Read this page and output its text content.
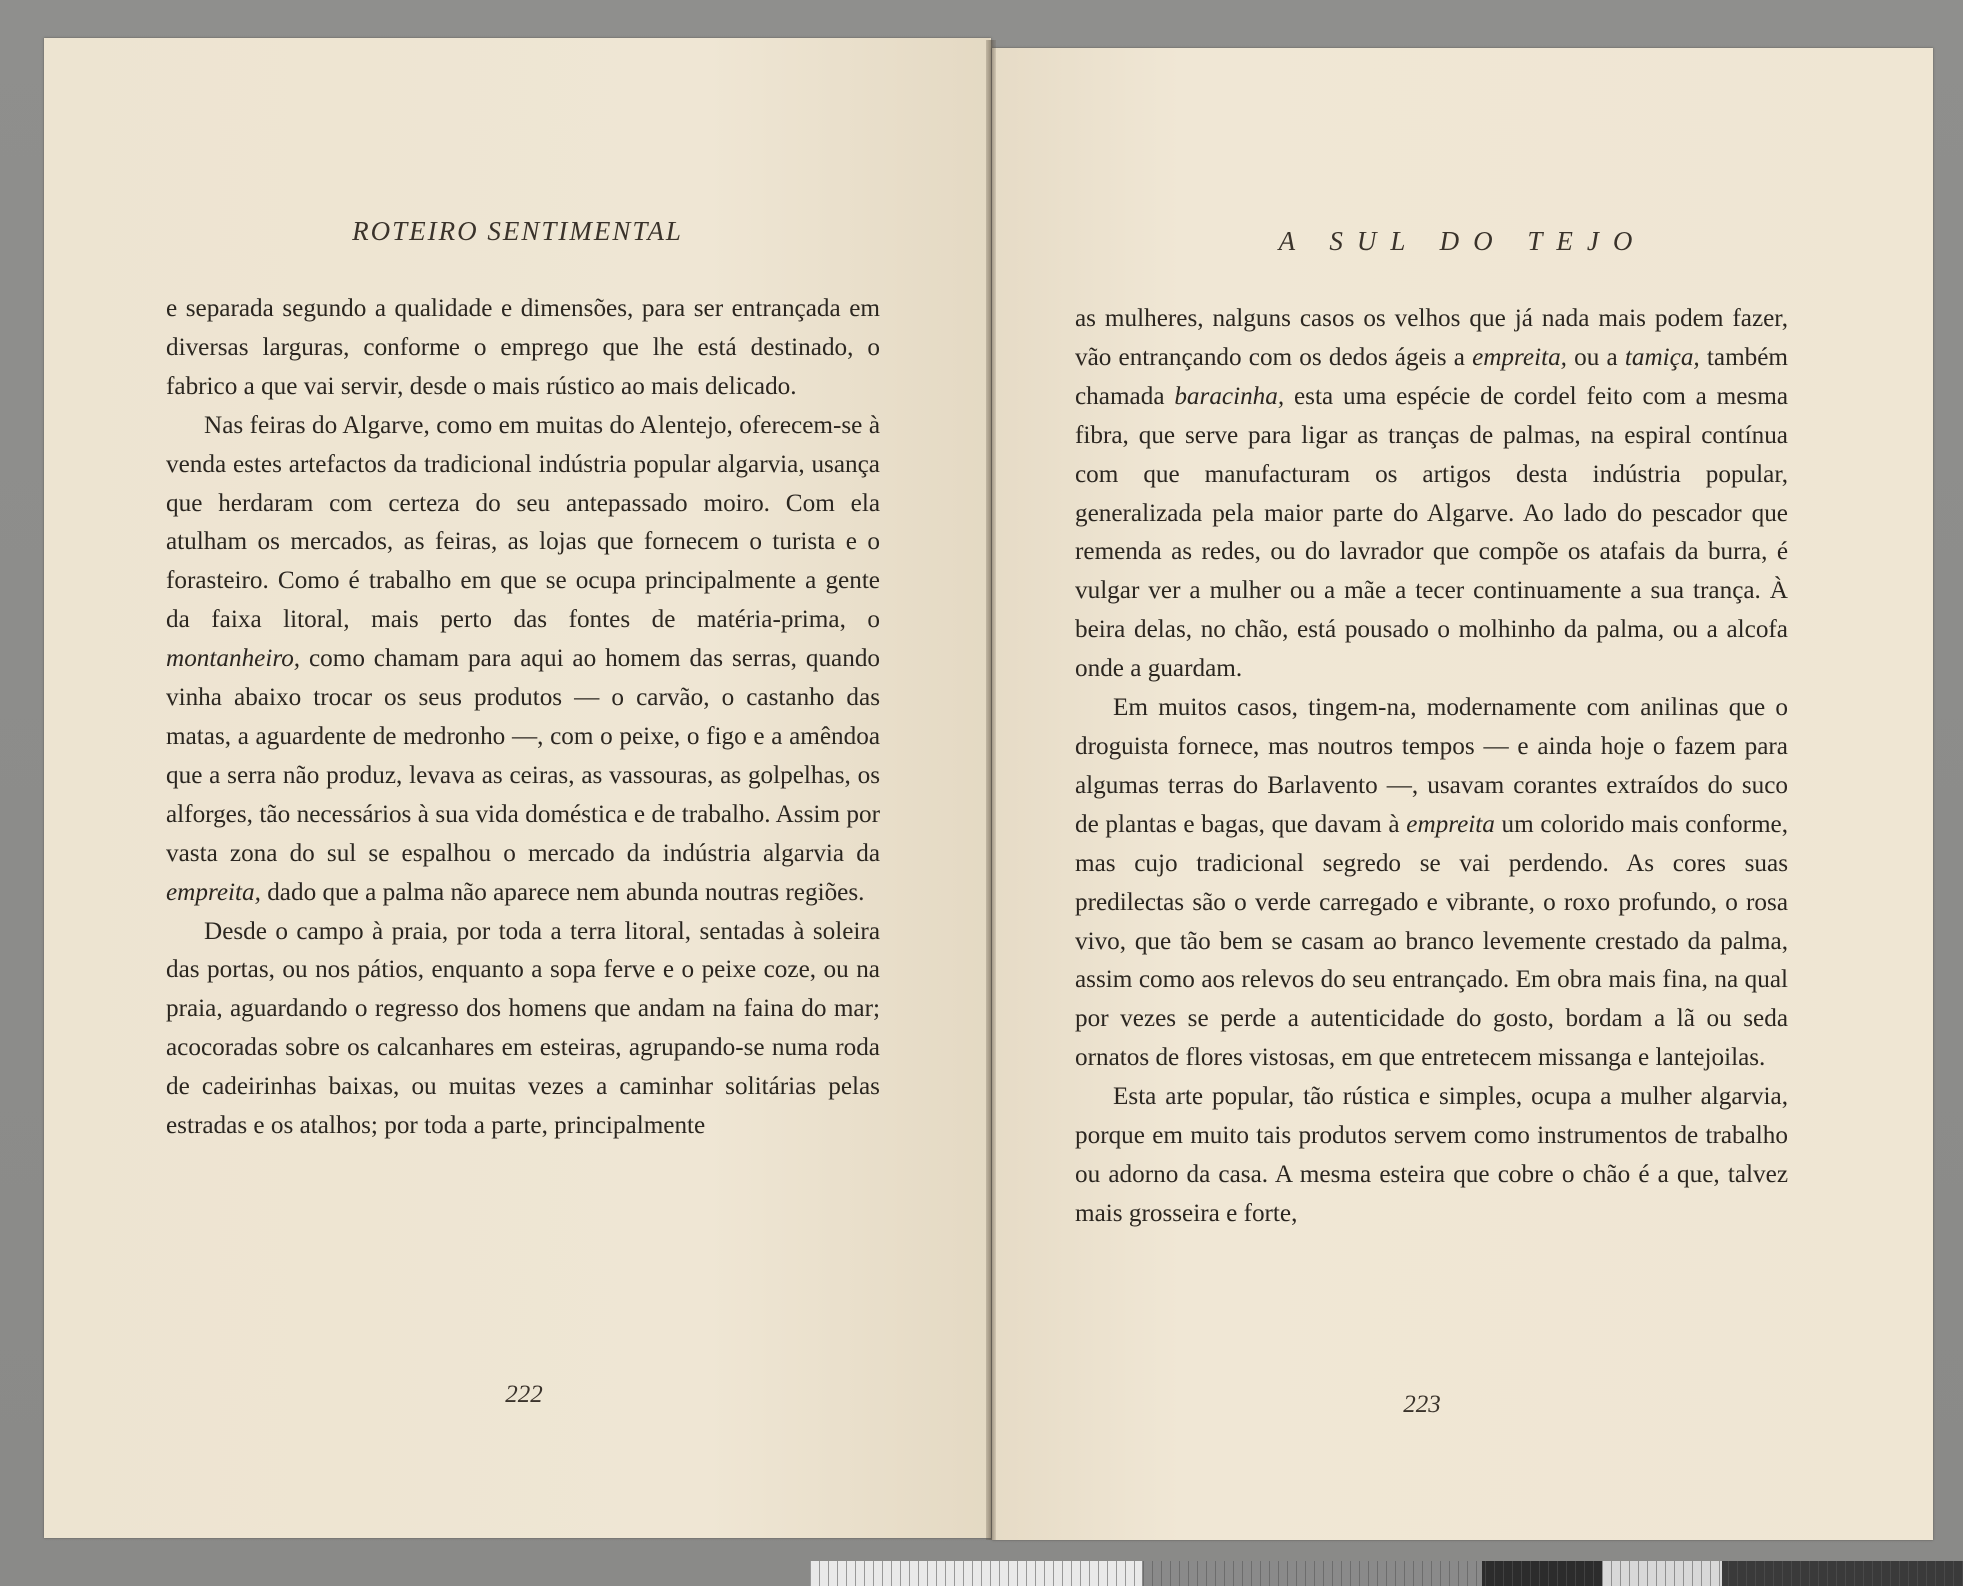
ROTEIRO SENTIMENTAL

e separada segundo a qualidade e dimensões, para ser entrançada em diversas larguras, conforme o emprego que lhe está destinado, o fabrico a que vai servir, desde o mais rústico ao mais delicado.

Nas feiras do Algarve, como em muitas do Alentejo, oferecem-se à venda estes artefactos da tradicional indústria popular algarvia, usança que herdaram com certeza do seu antepassado moiro. Com ela atulham os mercados, as feiras, as lojas que fornecem o turista e o forasteiro. Como é trabalho em que se ocupa principalmente a gente da faixa litoral, mais perto das fontes de matéria-prima, o montanheiro, como chamam para aqui ao homem das serras, quando vinha abaixo trocar os seus produtos — o carvão, o castanho das matas, a aguardente de medronho —, com o peixe, o figo e a amêndoa que a serra não produz, levava as ceiras, as vassouras, as golpelhas, os alforges, tão necessários à sua vida doméstica e de trabalho. Assim por vasta zona do sul se espalhou o mercado da indústria algarvia da empreita, dado que a palma não aparece nem abunda noutras regiões.

Desde o campo à praia, por toda a terra litoral, sentadas à soleira das portas, ou nos pátios, enquanto a sopa ferve e o peixe coze, ou na praia, aguardando o regresso dos homens que andam na faina do mar; acocoradas sobre os calcanhares em esteiras, agrupando-se numa roda de cadeirinhas baixas, ou muitas vezes a caminhar solitárias pelas estradas e os atalhos; por toda a parte, principalmente

222
A SUL DO TEJO

as mulheres, nalguns casos os velhos que já nada mais podem fazer, vão entrançando com os dedos ágeis a empreita, ou a tamiça, também chamada baracinha, esta uma espécie de cordel feito com a mesma fibra, que serve para ligar as tranças de palmas, na espiral contínua com que manufacturam os artigos desta indústria popular, generalizada pela maior parte do Algarve. Ao lado do pescador que remenda as redes, ou do lavrador que compõe os atafais da burra, é vulgar ver a mulher ou a mãe a tecer continuamente a sua trança. À beira delas, no chão, está pousado o molhinho da palma, ou a alcofa onde a guardam.

Em muitos casos, tingem-na, modernamente com anilinas que o droguista fornece, mas noutros tempos — e ainda hoje o fazem para algumas terras do Barlavento —, usavam corantes extraídos do suco de plantas e bagas, que davam à empreita um colorido mais conforme, mas cujo tradicional segredo se vai perdendo. As cores suas predilectas são o verde carregado e vibrante, o roxo profundo, o rosa vivo, que tão bem se casam ao branco levemente crestado da palma, assim como aos relevos do seu entrançado. Em obra mais fina, na qual por vezes se perde a autenticidade do gosto, bordam a lã ou seda ornatos de flores vistosas, em que entretecem missanga e lantejoilas.

Esta arte popular, tão rústica e simples, ocupa a mulher algarvia, porque em muito tais produtos servem como instrumentos de trabalho ou adorno da casa. A mesma esteira que cobre o chão é a que, talvez mais grosseira e forte,

223
